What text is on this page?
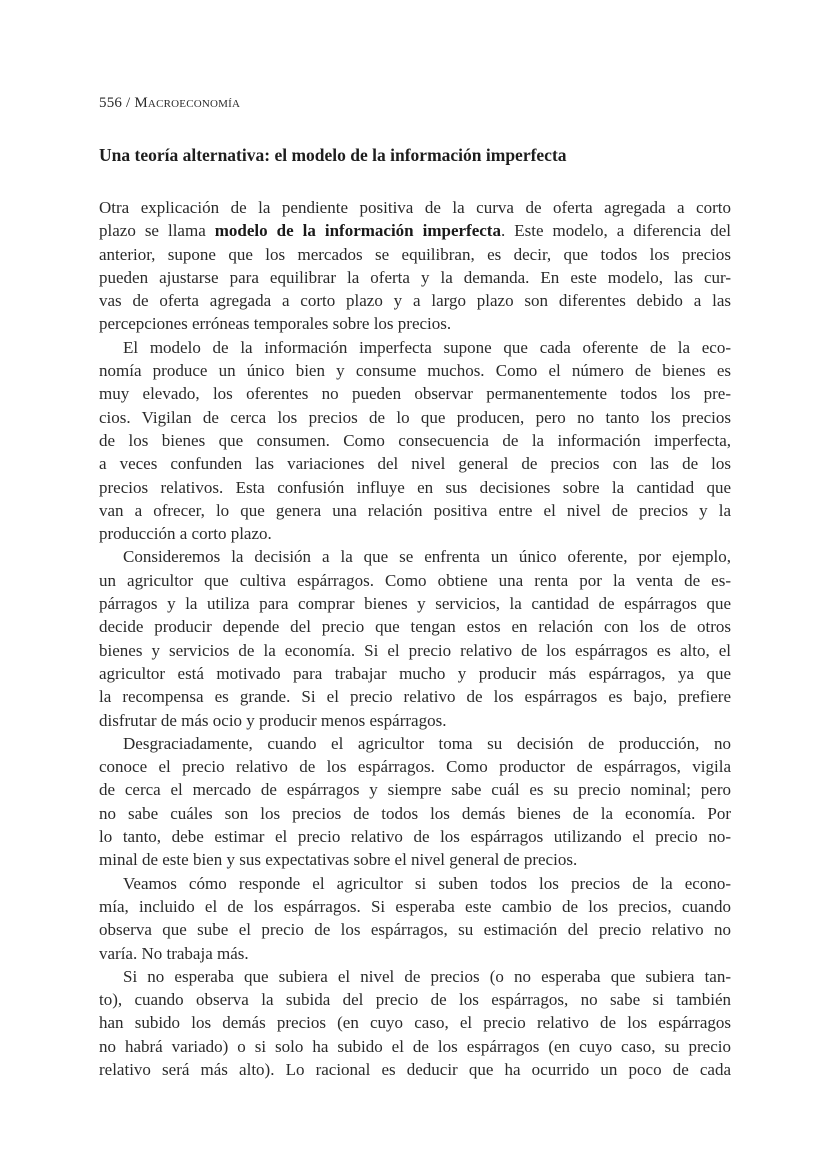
556 / Macroeconomía
Una teoría alternativa: el modelo de la información imperfecta
Otra explicación de la pendiente positiva de la curva de oferta agregada a corto
plazo se llama modelo de la información imperfecta. Este modelo, a diferencia del
anterior, supone que los mercados se equilibran, es decir, que todos los precios
pueden ajustarse para equilibrar la oferta y la demanda. En este modelo, las cur-
vas de oferta agregada a corto plazo y a largo plazo son diferentes debido a las
percepciones erróneas temporales sobre los precios.
El modelo de la información imperfecta supone que cada oferente de la eco-
nomía produce un único bien y consume muchos. Como el número de bienes es
muy elevado, los oferentes no pueden observar permanentemente todos los pre-
cios. Vigilan de cerca los precios de lo que producen, pero no tanto los precios
de los bienes que consumen. Como consecuencia de la información imperfecta,
a veces confunden las variaciones del nivel general de precios con las de los
precios relativos. Esta confusión influye en sus decisiones sobre la cantidad que
van a ofrecer, lo que genera una relación positiva entre el nivel de precios y la
producción a corto plazo.
Consideremos la decisión a la que se enfrenta un único oferente, por ejemplo,
un agricultor que cultiva espárragos. Como obtiene una renta por la venta de es-
párragos y la utiliza para comprar bienes y servicios, la cantidad de espárragos que
decide producir depende del precio que tengan estos en relación con los de otros
bienes y servicios de la economía. Si el precio relativo de los espárragos es alto, el
agricultor está motivado para trabajar mucho y producir más espárragos, ya que
la recompensa es grande. Si el precio relativo de los espárragos es bajo, prefiere
disfrutar de más ocio y producir menos espárragos.
Desgraciadamente, cuando el agricultor toma su decisión de producción, no
conoce el precio relativo de los espárragos. Como productor de espárragos, vigila
de cerca el mercado de espárragos y siempre sabe cuál es su precio nominal; pero
no sabe cuáles son los precios de todos los demás bienes de la economía. Por
lo tanto, debe estimar el precio relativo de los espárragos utilizando el precio no-
minal de este bien y sus expectativas sobre el nivel general de precios.
Veamos cómo responde el agricultor si suben todos los precios de la econo-
mía, incluido el de los espárragos. Si esperaba este cambio de los precios, cuando
observa que sube el precio de los espárragos, su estimación del precio relativo no
varía. No trabaja más.
Si no esperaba que subiera el nivel de precios (o no esperaba que subiera tan-
to), cuando observa la subida del precio de los espárragos, no sabe si también
han subido los demás precios (en cuyo caso, el precio relativo de los espárragos
no habrá variado) o si solo ha subido el de los espárragos (en cuyo caso, su precio
relativo será más alto). Lo racional es deducir que ha ocurrido un poco de cada
